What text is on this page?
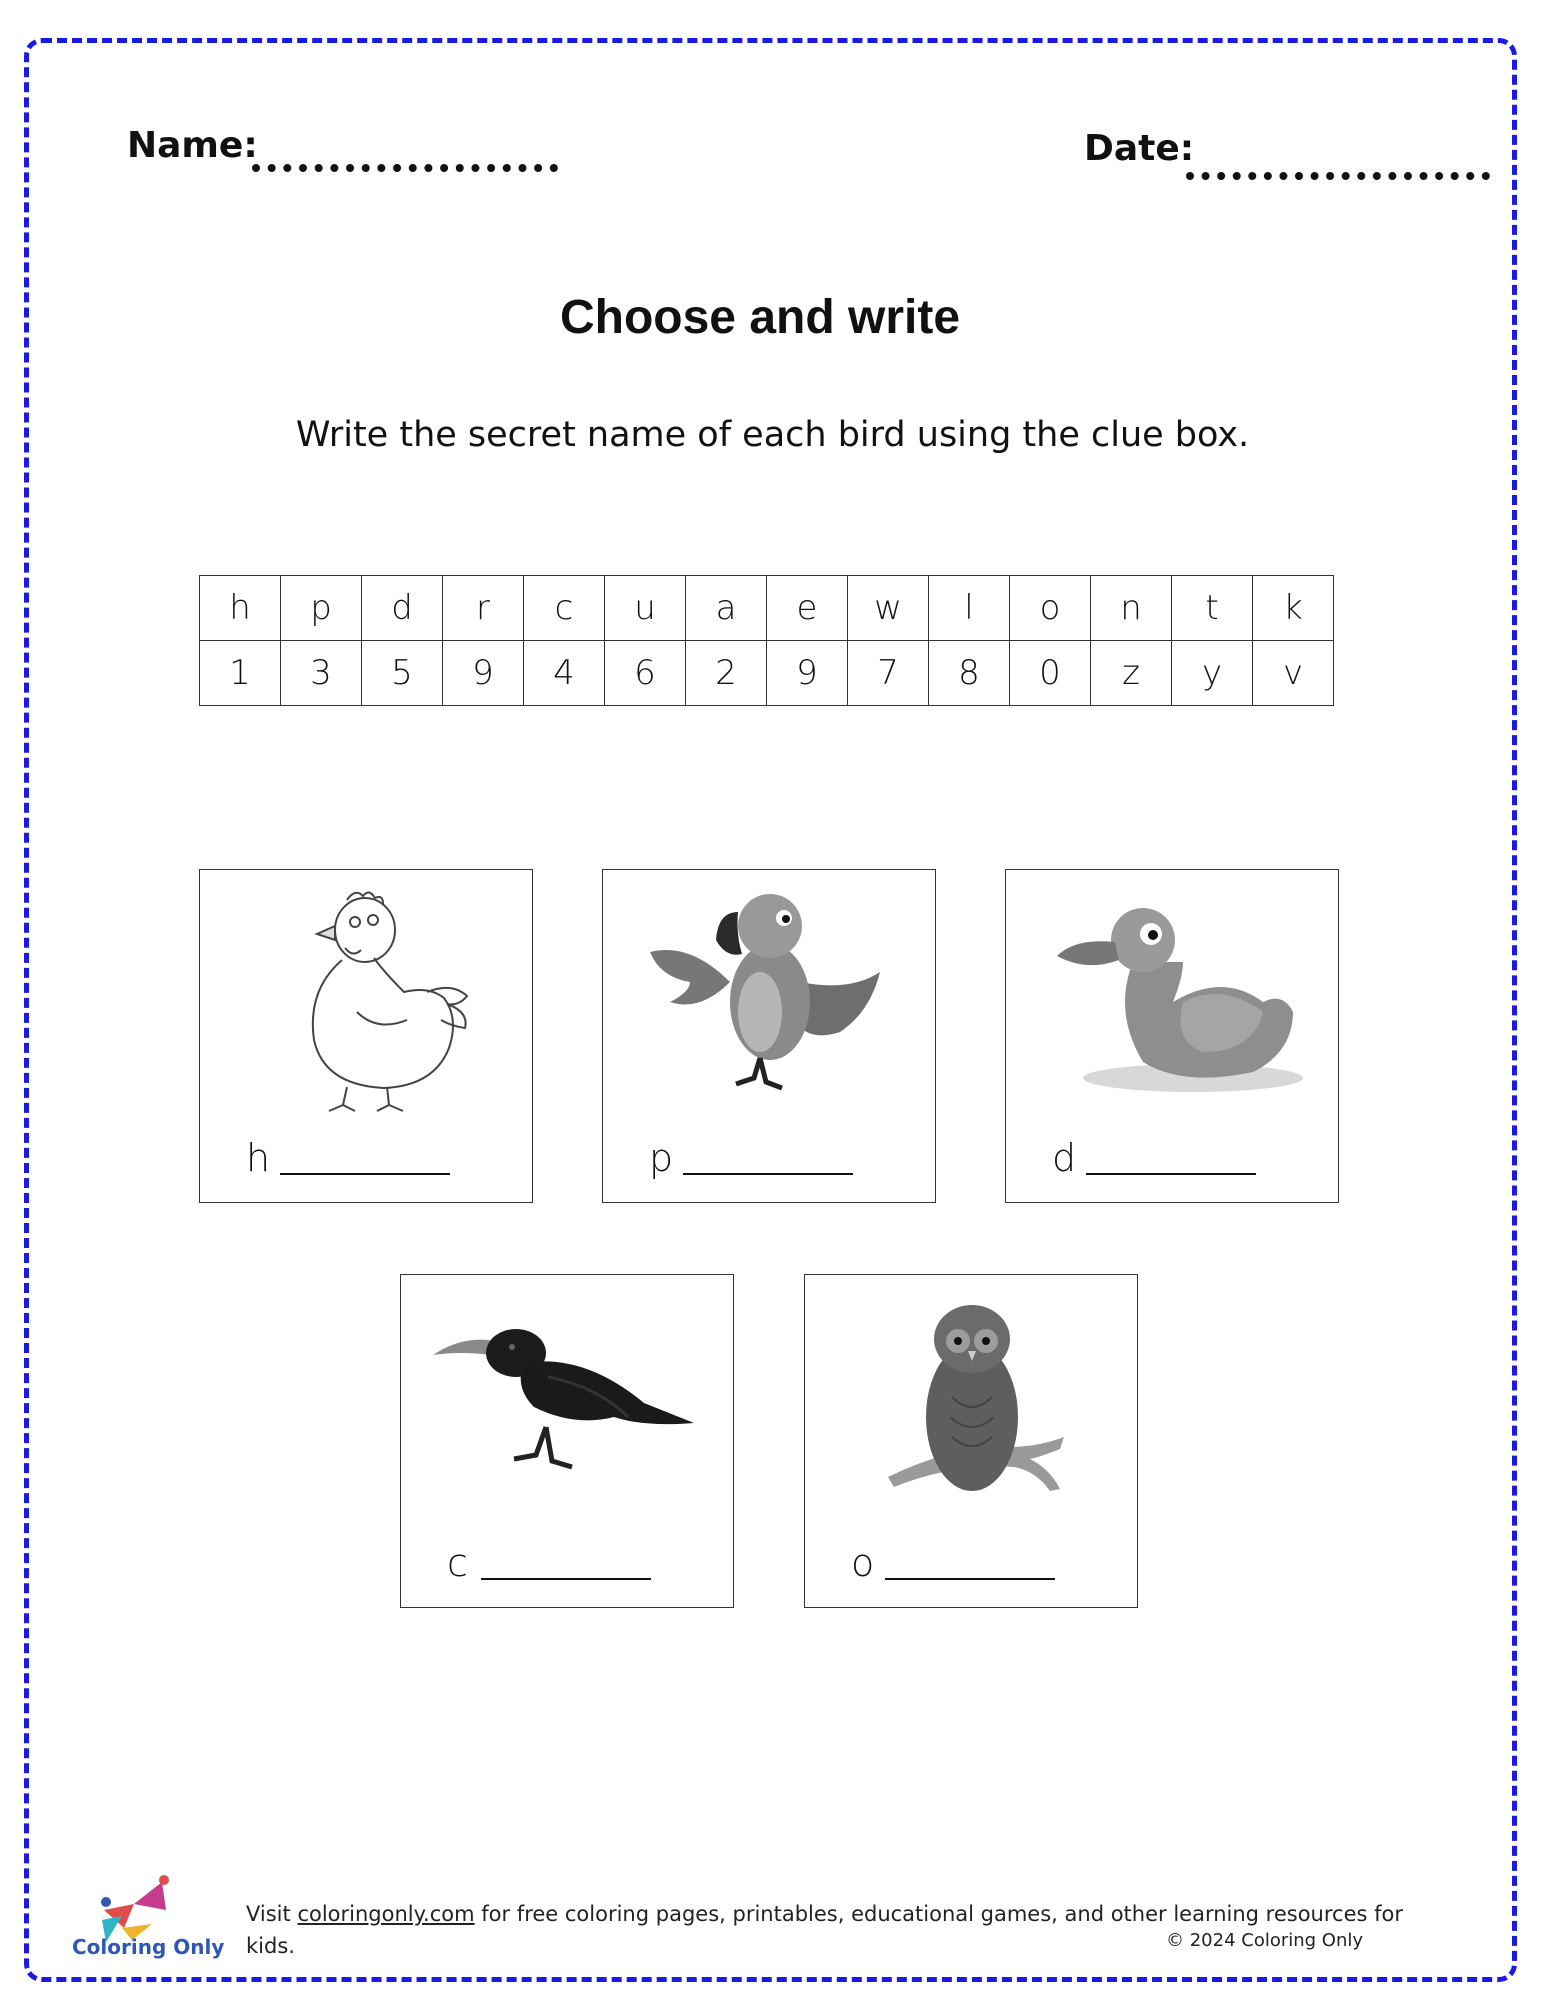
Name:	Date:
Choose and write
Write the secret name of each bird using the clue box.
h	p	d	r	c	u	a	e	w	l	o	n	t	k
1	3	5	9	4	6	2	9	7	8	0	z	y	v
h	p	d
c	o
Coloring Only
Visit coloringonly.com for free coloring pages, printables, educational games, and other learning resources for kids.	© 2024 Coloring Only
